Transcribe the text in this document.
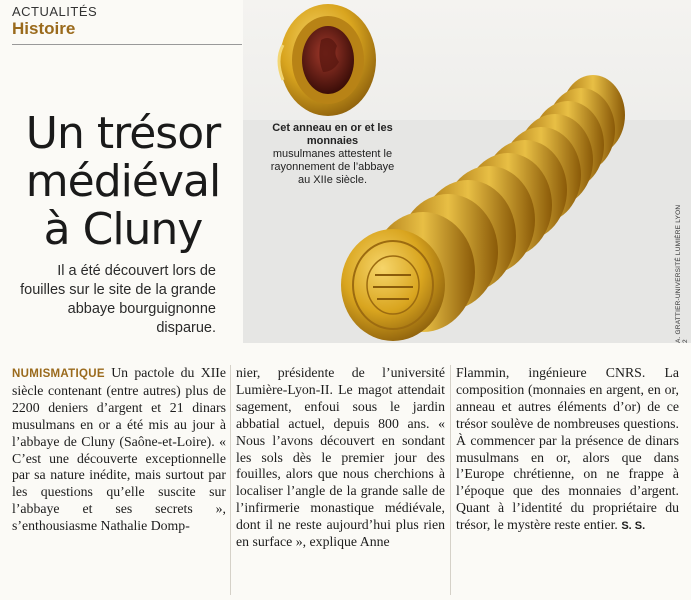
ACTUALITÉS
Histoire
A. GRATTIER-UNIVERSITÉ LUMIÈRE LYON 2
Cet anneau en or et les monnaies
musulmanes attestent le rayonnement de l’abbaye au XIIe siècle.
Un trésor médiéval à Cluny
Il a été découvert lors de fouilles sur le site de la grande abbaye bourguignonne disparue.
NUMISMATIQUE Un pactole du XIIe siècle contenant (entre autres) plus de 2200 deniers d’argent et 21 dinars musulmans en or a été mis au jour à l’abbaye de Cluny (Saône-et-Loire). « C’est une découverte exceptionnelle par sa nature inédite, mais surtout par les questions qu’elle suscite sur l’abbaye et ses secrets », s’enthousiasme Nathalie Domp-
nier, présidente de l’université Lumière-Lyon-II. Le magot attendait sagement, enfoui sous le jardin abbatial actuel, depuis 800 ans. « Nous l’avons découvert en sondant les sols dès le premier jour des fouilles, alors que nous cherchions à localiser l’angle de la grande salle de l’infirmerie monastique médiévale, dont il ne reste aujourd’hui plus rien en surface », explique Anne
Flammin, ingénieure CNRS. La composition (monnaies en argent, en or, anneau et autres éléments d’or) de ce trésor soulève de nombreuses questions. À commencer par la présence de dinars musulmans en or, alors que dans l’Europe chrétienne, on ne frappe à l’époque que des monnaies d’argent. Quant à l’identité du propriétaire du trésor, le mystère reste entier. S. S.
